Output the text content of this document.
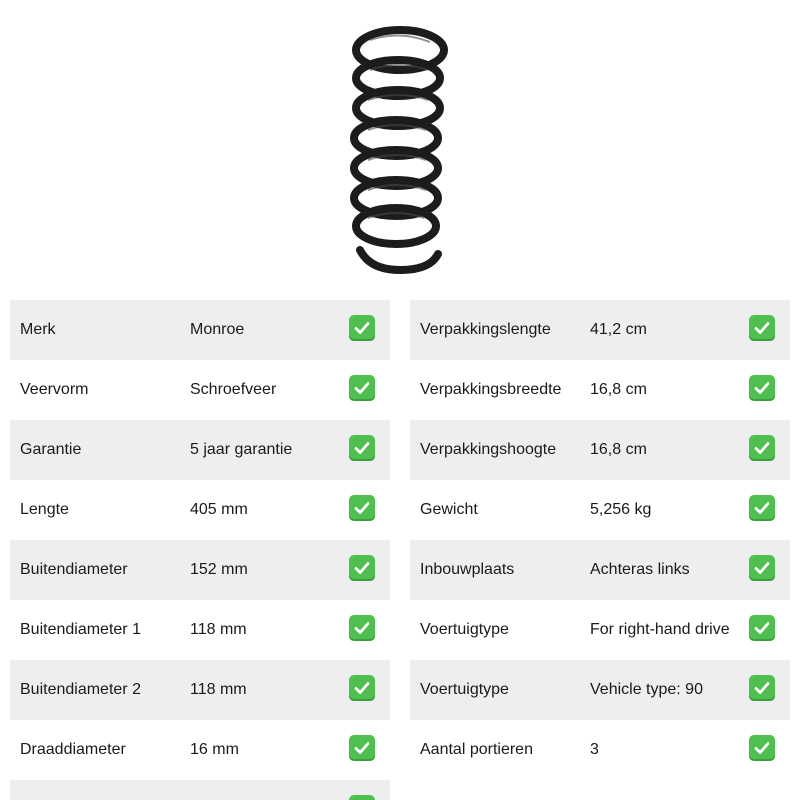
Merk	Monroe
Veervorm	Schroefveer
Garantie	5 jaar garantie
Lengte	405 mm
Buitendiameter	152 mm
Buitendiameter 1	118 mm
Buitendiameter 2	118 mm
Draaddiameter	16 mm
Verpakkingslengte 41,2 cm
Verpakkingsbreedte 16,8 cm
Verpakkingshoogte 16,8 cm
Gewicht	5,256 kg
Inbouwplaats	Achteras links
Voertuigtype	For right-hand drive
Voertuigtype	Vehicle type: 90
Aantal portieren	3
